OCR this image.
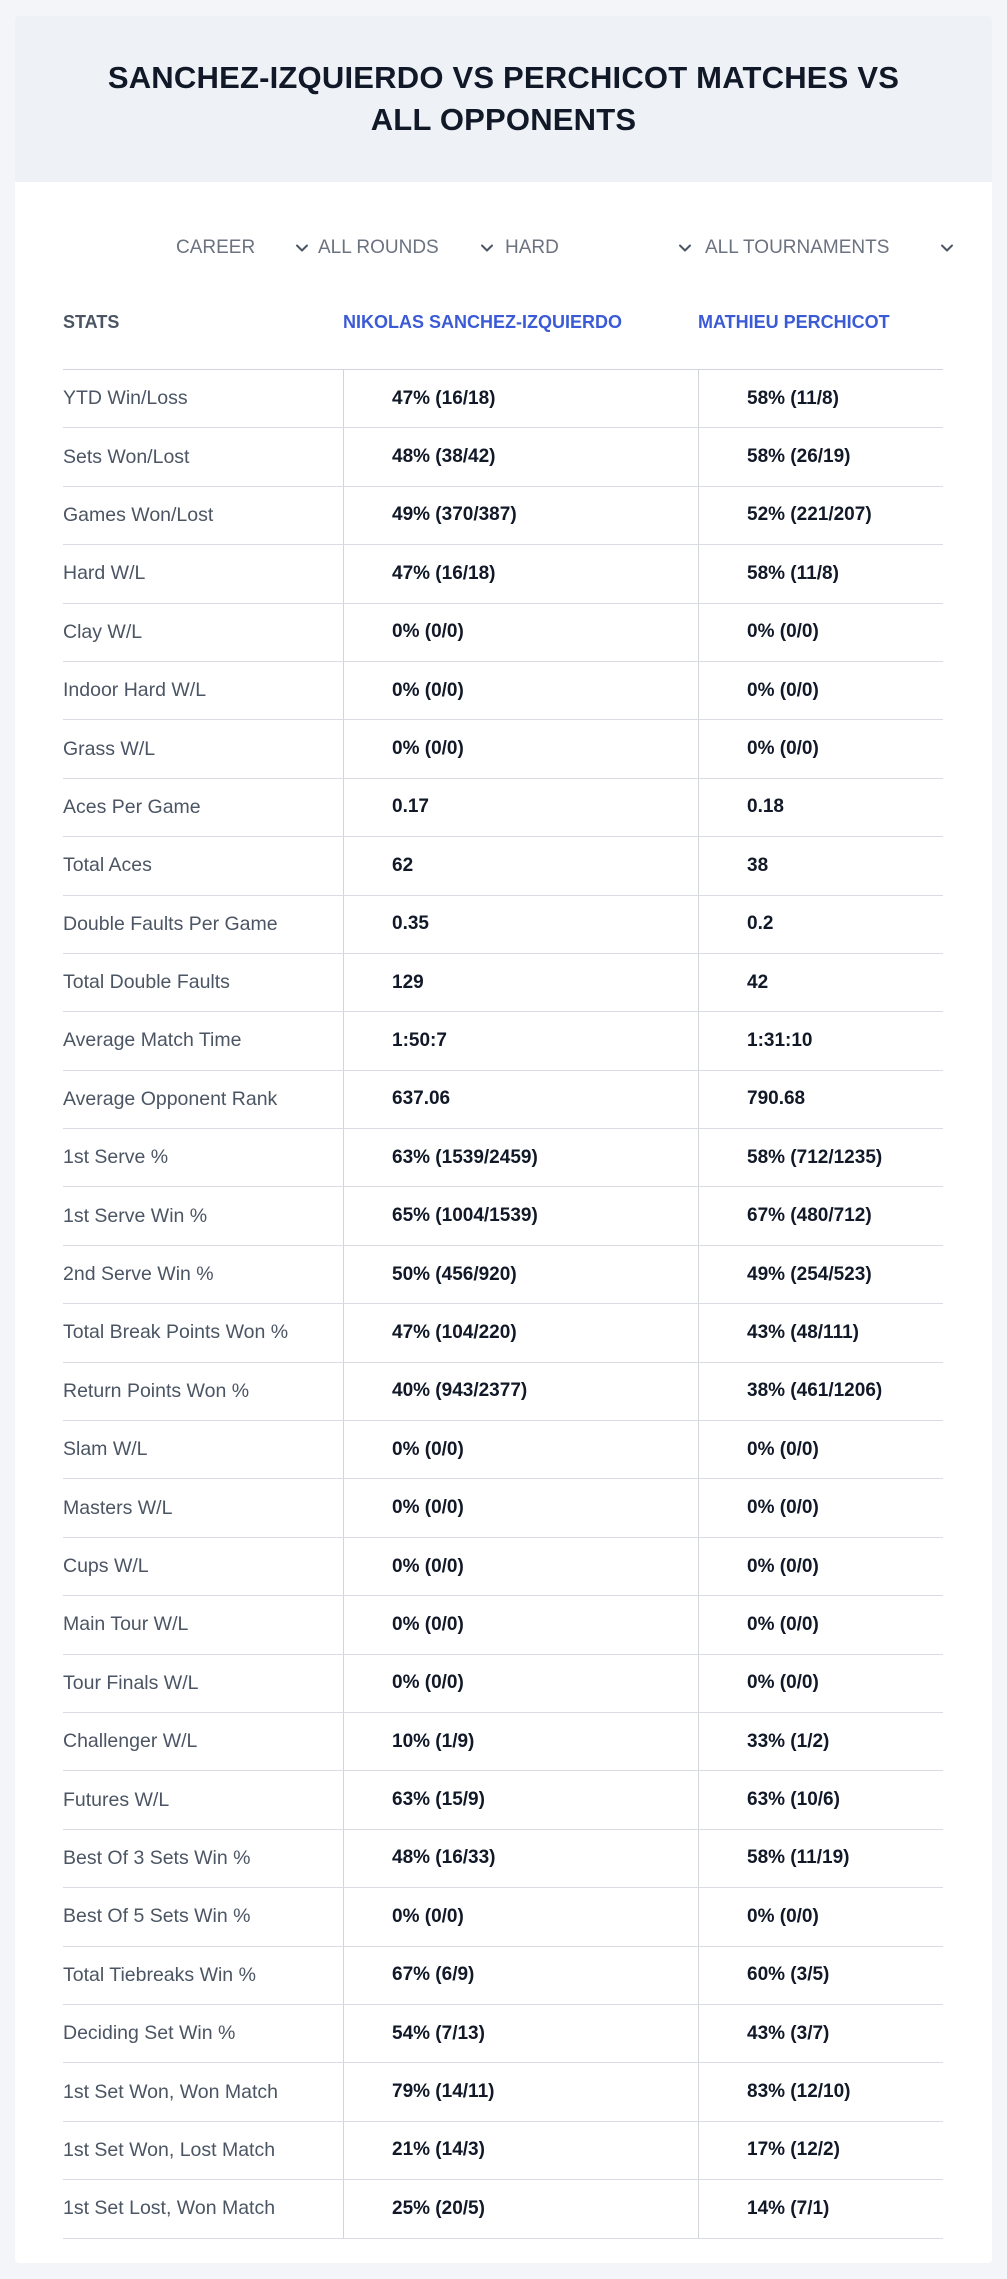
SANCHEZ-IZQUIERDO VS PERCHICOT MATCHES VS ALL OPPONENTS
CAREER	ALL ROUNDS	HARD	ALL TOURNAMENTS
STATS	NIKOLAS SANCHEZ-IZQUIERDO	MATHIEU PERCHICOT
YTD Win/Loss	47% (16/18)	58% (11/8)
Sets Won/Lost	48% (38/42)	58% (26/19)
Games Won/Lost	49% (370/387)	52% (221/207)
Hard W/L	47% (16/18)	58% (11/8)
Clay W/L	0% (0/0)	0% (0/0)
Indoor Hard W/L	0% (0/0)	0% (0/0)
Grass W/L	0% (0/0)	0% (0/0)
Aces Per Game	0.17	0.18
Total Aces	62	38
Double Faults Per Game	0.35	0.2
Total Double Faults	129	42
Average Match Time	1:50:7	1:31:10
Average Opponent Rank	637.06	790.68
1st Serve %	63% (1539/2459)	58% (712/1235)
1st Serve Win %	65% (1004/1539)	67% (480/712)
2nd Serve Win %	50% (456/920)	49% (254/523)
Total Break Points Won %	47% (104/220)	43% (48/111)
Return Points Won %	40% (943/2377)	38% (461/1206)
Slam W/L	0% (0/0)	0% (0/0)
Masters W/L	0% (0/0)	0% (0/0)
Cups W/L	0% (0/0)	0% (0/0)
Main Tour W/L	0% (0/0)	0% (0/0)
Tour Finals W/L	0% (0/0)	0% (0/0)
Challenger W/L	10% (1/9)	33% (1/2)
Futures W/L	63% (15/9)	63% (10/6)
Best Of 3 Sets Win %	48% (16/33)	58% (11/19)
Best Of 5 Sets Win %	0% (0/0)	0% (0/0)
Total Tiebreaks Win %	67% (6/9)	60% (3/5)
Deciding Set Win %	54% (7/13)	43% (3/7)
1st Set Won, Won Match	79% (14/11)	83% (12/10)
1st Set Won, Lost Match	21% (14/3)	17% (12/2)
1st Set Lost, Won Match	25% (20/5)	14% (7/1)
